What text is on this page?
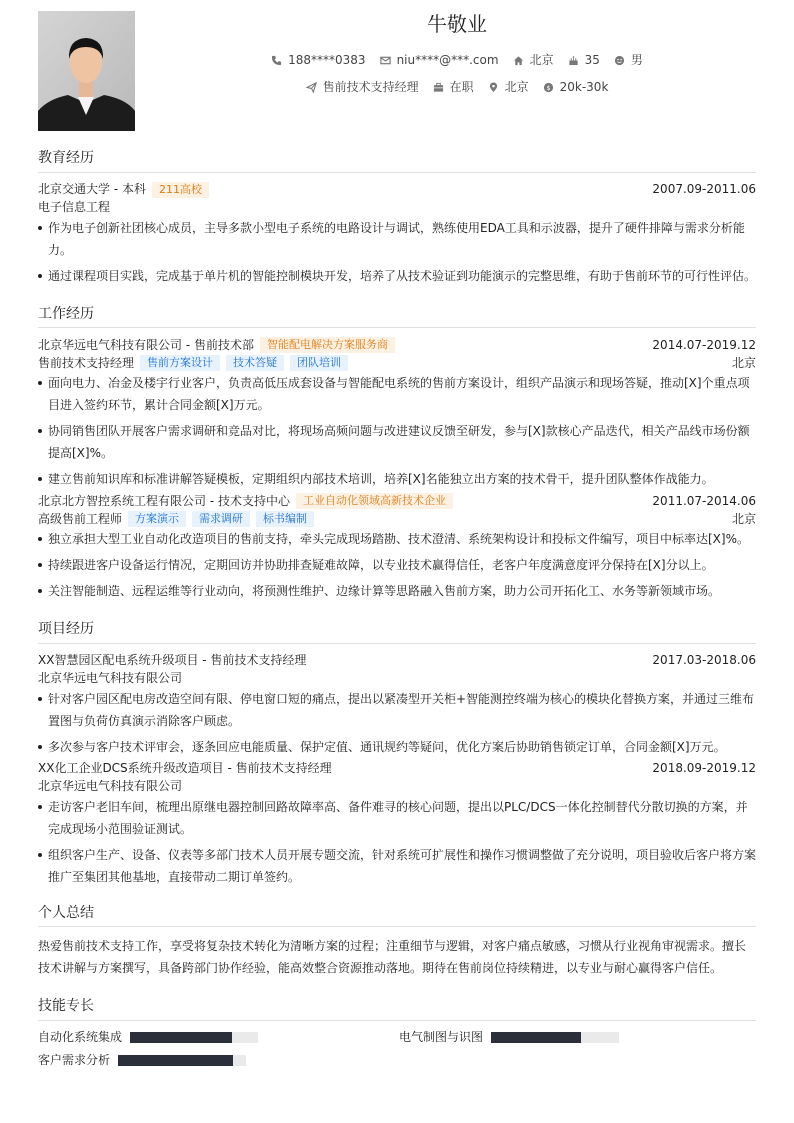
牛敬业
188****0383	niu****@***.com	北京	35	男
售前技术支持经理	在职	北京 $ 20k-30k
教育经历
北京交通大学 - 本科	211高校	2007.09-2011.06
电子信息工程
作为电子创新社团核心成员，主导多款小型电子系统的电路设计与调试，熟练使用EDA工具和示波器，提升了硬件排障与需求分析能力。
通过课程项目实践，完成基于单片机的智能控制模块开发，培养了从技术验证到功能演示的完整思维，有助于售前环节的可行性评估。
工作经历
北京华远电气科技有限公司 - 售前技术部	智能配电解决方案服务商	2014.07-2019.12
售前技术支持经理	售前方案设计	技术答疑	团队培训	北京
面向电力、冶金及楼宇行业客户，负责高低压成套设备与智能配电系统的售前方案设计，组织产品演示和现场答疑，推动[X]个重点项目进入签约环节，累计合同金额[X]万元。
协同销售团队开展客户需求调研和竞品对比，将现场高频问题与改进建议反馈至研发，参与[X]款核心产品迭代，相关产品线市场份额提高[X]%。
建立售前知识库和标准讲解答疑模板，定期组织内部技术培训，培养[X]名能独立出方案的技术骨干，提升团队整体作战能力。
北京北方智控系统工程有限公司 - 技术支持中心	工业自动化领域高新技术企业	2011.07-2014.06
高级售前工程师	方案演示	需求调研	标书编制	北京
独立承担大型工业自动化改造项目的售前支持，牵头完成现场踏勘、技术澄清、系统架构设计和投标文件编写，项目中标率达[X]%。
持续跟进客户设备运行情况，定期回访并协助排查疑难故障，以专业技术赢得信任，老客户年度满意度评分保持在[X]分以上。
关注智能制造、远程运维等行业动向，将预测性维护、边缘计算等思路融入售前方案，助力公司开拓化工、水务等新领域市场。
项目经历
XX智慧园区配电系统升级项目 - 售前技术支持经理	2017.03-2018.06
北京华远电气科技有限公司
针对客户园区配电房改造空间有限、停电窗口短的痛点，提出以紧凑型开关柜+智能测控终端为核心的模块化替换方案，并通过三维布置图与负荷仿真演示消除客户顾虑。
多次参与客户技术评审会，逐条回应电能质量、保护定值、通讯规约等疑问，优化方案后协助销售锁定订单，合同金额[X]万元。
XX化工企业DCS系统升级改造项目 - 售前技术支持经理	2018.09-2019.12
北京华远电气科技有限公司
走访客户老旧车间，梳理出原继电器控制回路故障率高、备件难寻的核心问题，提出以PLC/DCS一体化控制替代分散切换的方案，并完成现场小范围验证测试。
组织客户生产、设备、仪表等多部门技术人员开展专题交流，针对系统可扩展性和操作习惯调整做了充分说明，项目验收后客户将方案推广至集团其他基地，直接带动二期订单签约。
个人总结
热爱售前技术支持工作，享受将复杂技术转化为清晰方案的过程；注重细节与逻辑，对客户痛点敏感，习惯从行业视角审视需求。擅长技术讲解与方案撰写，具备跨部门协作经验，能高效整合资源推动落地。期待在售前岗位持续精进，以专业与耐心赢得客户信任。
技能专长
自动化系统集成	电气制图与识图
客户需求分析
